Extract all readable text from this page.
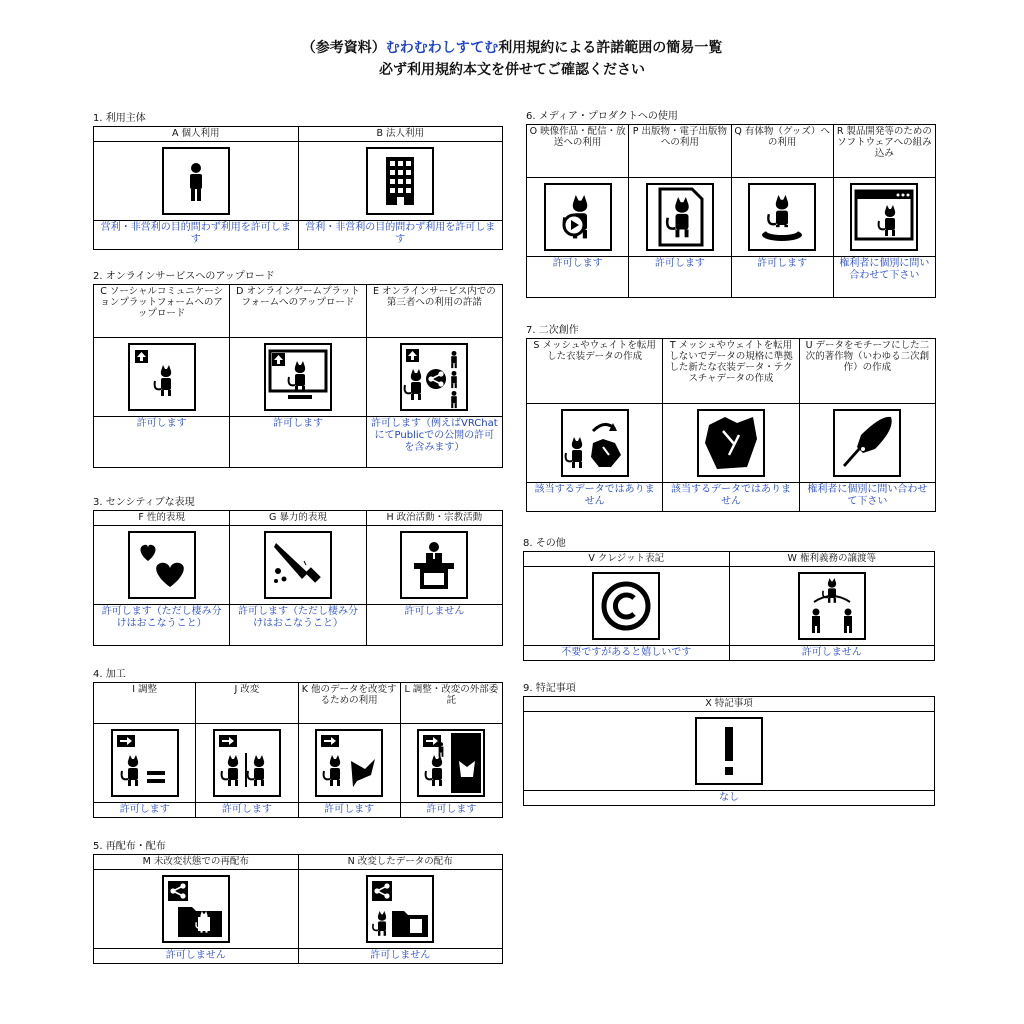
（参考資料）むわむわしすてむ利用規約による許諾範囲の簡易一覧
必ず利用規約本文を併せてご確認ください
1. 利用主体
A 個人利用	B 法人利用

営利・非営利の目的問わず利用を許可します	営利・非営利の目的問わず利用を許可します
2. オンラインサービスへのアップロード
C ソーシャルコミュニケーションプラットフォームへのアップロード	D オンラインゲームプラットフォームへのアップロード	E オンラインサービス内での第三者への利用の許諾

許可します	許可します	許可します（例えばVRChatにてPublicでの公開の許可を含みます）
3. センシティブな表現
F 性的表現	G 暴力的表現	H 政治活動・宗教活動

許可します（ただし棲み分けはおこなうこと）	許可します（ただし棲み分けはおこなうこと）	許可しません
4. 加工
I 調整	J 改変	K 他のデータを改変するための利用	L 調整・改変の外部委託

許可します	許可します	許可します	許可します
5. 再配布・配布
M 未改変状態での再配布	N 改変したデータの配布

許可しません	許可しません
6. メディア・プロダクトへの使用
O 映像作品・配信・放送への利用	P 出版物・電子出版物への利用	Q 有体物（グッズ）への利用	R 製品開発等のためのソフトウェアへの組み込み

許可します	許可します	許可します	権利者に個別に問い合わせて下さい
7. 二次創作
S メッシュやウェイトを転用した衣装データの作成	T メッシュやウェイトを転用しないでデータの規格に準拠した新たな衣装データ・テクスチャデータの作成	U データをモチーフにした二次的著作物（いわゆる二次創作）の作成

該当するデータではありません	該当するデータではありません	権利者に個別に問い合わせて下さい
8. その他
V クレジット表記	W 権利義務の譲渡等

不要ですがあると嬉しいです	許可しません
9. 特記事項
X 特記事項

なし
